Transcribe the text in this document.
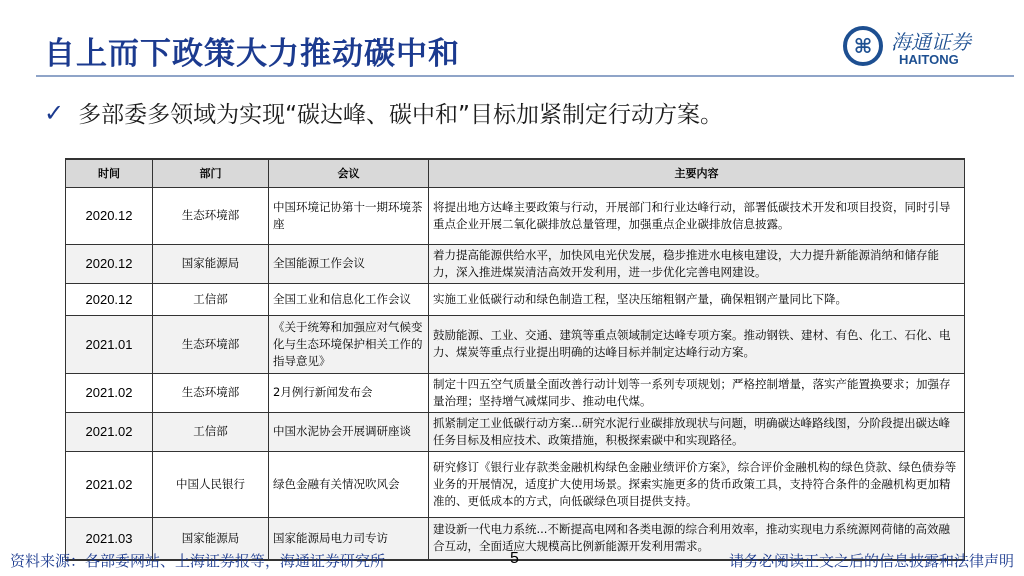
自上而下政策大力推动碳中和	⌘ 海通证券
HAITONG
✓ 多部委多领域为实现“碳达峰、碳中和”目标加紧制定行动方案。
时间	部门	会议	主要内容
2020.12	生态环境部	中国环境记协第十一期环境茶座	将提出地方达峰主要政策与行动，开展部门和行业达峰行动，部署低碳技术开发和项目投资，同时引导重点企业开展二氧化碳排放总量管理，加强重点企业碳排放信息披露。
2020.12	国家能源局	全国能源工作会议	着力提高能源供给水平，加快风电光伏发展，稳步推进水电核电建设，大力提升新能源消纳和储存能力，深入推进煤炭清洁高效开发利用，进一步优化完善电网建设。
2020.12	工信部	全国工业和信息化工作会议	实施工业低碳行动和绿色制造工程，坚决压缩粗钢产量，确保粗钢产量同比下降。
2021.01	生态环境部	《关于统筹和加强应对气候变化与生态环境保护相关工作的指导意见》	鼓励能源、工业、交通、建筑等重点领域制定达峰专项方案。推动钢铁、建材、有色、化工、石化、电力、煤炭等重点行业提出明确的达峰目标并制定达峰行动方案。
2021.02	生态环境部	2月例行新闻发布会	制定十四五空气质量全面改善行动计划等一系列专项规划；严格控制增量，落实产能置换要求；加强存量治理；坚持增气减煤同步、推动电代煤。
2021.02	工信部	中国水泥协会开展调研座谈	抓紧制定工业低碳行动方案...研究水泥行业碳排放现状与问题，明确碳达峰路线图，分阶段提出碳达峰任务目标及相应技术、政策措施，积极探索碳中和实现路径。
2021.02	中国人民银行	绿色金融有关情况吹风会	研究修订《银行业存款类金融机构绿色金融业绩评价方案》，综合评价金融机构的绿色贷款、绿色债券等业务的开展情况，适度扩大使用场景。探索实施更多的货币政策工具，支持符合条件的金融机构更加精准的、更低成本的方式，向低碳绿色项目提供支持。
2021.03	国家能源局	国家能源局电力司专访	建设新一代电力系统...不断提高电网和各类电源的综合利用效率，推动实现电力系统源网荷储的高效融合互动，全面适应大规模高比例新能源开发利用需求。
资料来源：各部委网站、上海证券报等，海通证券研究所	5	请务必阅读正文之后的信息披露和法律声明
